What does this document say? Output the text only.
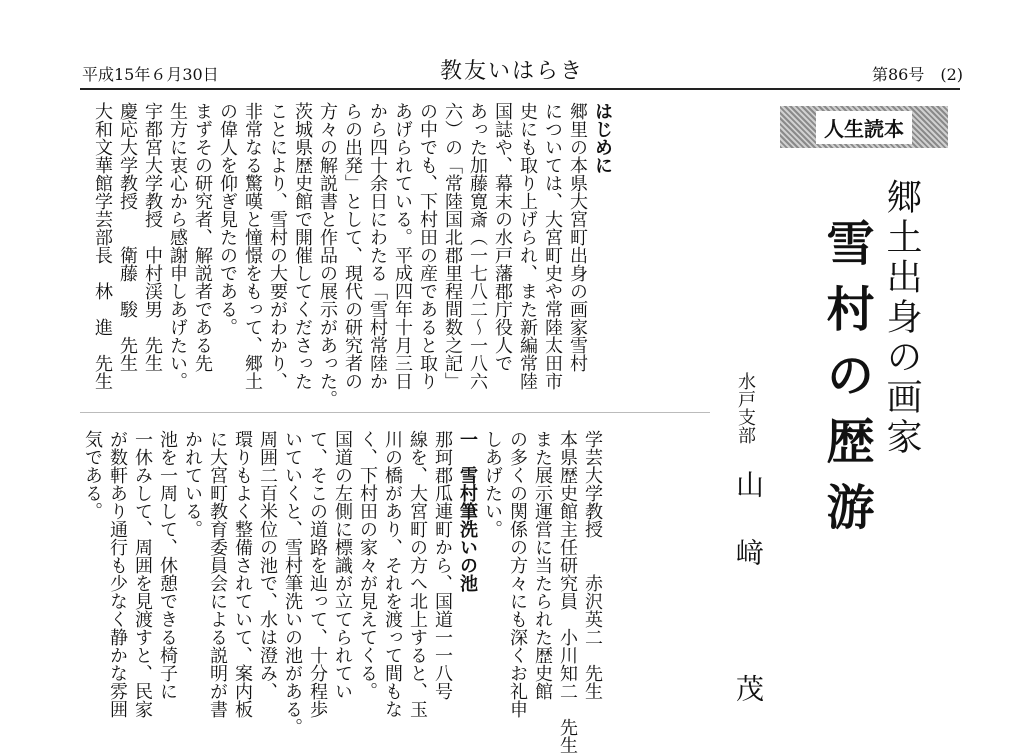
平成15年６月30日	教友いはらき	第86号　(2)
人生読本
郷土出身の画家
雪村の歴游
水戸支部
山﨑　茂
はじめに
郷里の本県大宮町出身の画家雪村
については、大宮町史や常陸太田市
史にも取り上げられ、また新編常陸
国誌や、幕末の水戸藩郡庁役人で
あった加藤寛斎（一七八二〜一八六
六）の「常陸国北郡里程間数之記」
の中でも、下村田の産であると取り
あげられている。平成四年十月三日
から四十余日にわたる「雪村常陸か
らの出発」として、現代の研究者の
方々の解説書と作品の展示があった。
茨城県歴史館で開催してくださった
ことにより、雪村の大要がわかり、
非常なる驚嘆と憧憬をもって、郷土
の偉人を仰ぎ見たのである。
まずその研究者、解説者である先
生方に衷心から感謝申しあげたい。
宇都宮大学教授　中村渓男　先生
慶応大学教授　　衛藤　駿　先生
大和文華館学芸部長　林　進　先生
学芸大学教授　　赤沢英二　先生
本県歴史館主任研究員　小川知二　先生
また展示運営に当たられた歴史館
の多くの関係の方々にも深くお礼申
しあげたい。
一　雪村筆洗いの池
那珂郡瓜連町から、国道一一八号
線を、大宮町の方へ北上すると、玉
川の橋があり、それを渡って間もな
く、下村田の家々が見えてくる。
国道の左側に標識が立てられてい
て、そこの道路を辿って、十分程歩
いていくと、雪村筆洗いの池がある。
周囲二百米位の池で、水は澄み、
環りもよく整備されていて、案内板
に大宮町教育委員会による説明が書
かれている。
池を一周して、休憩できる椅子に
一休みして、周囲を見渡すと、民家
が数軒あり通行も少なく静かな雰囲
気である。
